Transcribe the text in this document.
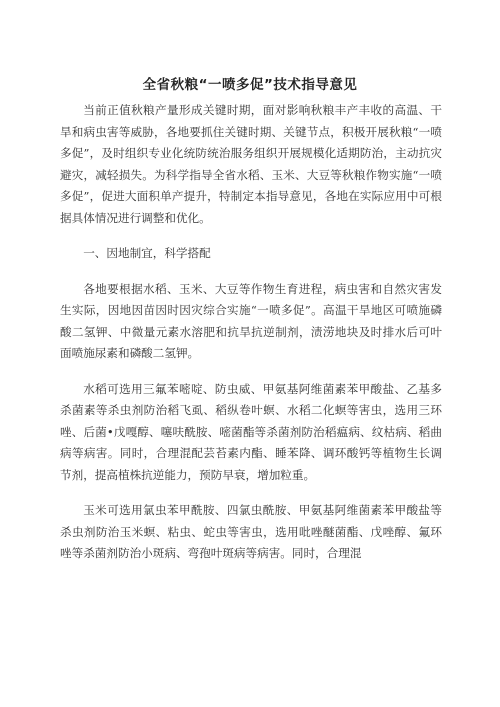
全省秋粮“一喷多促”技术指导意见

当前正值秋粮产量形成关键时期，面对影响秋粮丰产丰收的高温、干旱和病虫害等威胁，各地要抓住关键时期、关键节点，积极开展秋粮“一喷多促”，及时组织专业化统防统治服务组织开展规模化适期防治，主动抗灾避灾，减轻损失。为科学指导全省水稻、玉米、大豆等秋粮作物实施“一喷多促”，促进大面积单产提升，特制定本指导意见，各地在实际应用中可根据具体情况进行调整和优化。

一、因地制宜，科学搭配

各地要根据水稻、玉米、大豆等作物生育进程，病虫害和自然灾害发生实际，因地因苗因时因灾综合实施“一喷多促”。高温干旱地区可喷施磷酸二氢钾、中微量元素水溶肥和抗旱抗逆制剂，渍涝地块及时排水后可叶面喷施尿素和磷酸二氢钾。

水稻可选用三氟苯嘧啶、防虫威、甲氨基阿维菌素苯甲酸盐、乙基多杀菌素等杀虫剂防治稻飞虱、稻纵卷叶螟、水稻二化螟等害虫，选用三环唑、后菌•戊嘎醇、噻呋酰胺、嘧菌酯等杀菌剂防治稻瘟病、纹枯病、稻曲病等病害。同时，合理混配芸苔素内酯、睡苯降、调环酸钙等植物生长调节剂，提高植株抗逆能力，预防早衰，增加粒重。

玉米可选用氯虫苯甲酰胺、四氯虫酰胺、甲氨基阿维菌素苯甲酸盐等杀虫剂防治玉米螟、粘虫、蛇虫等害虫，选用吡唑醚菌酯、戊唑醇、氟环唑等杀菌剂防治小斑病、弯孢叶斑病等病害。同时，合理混
